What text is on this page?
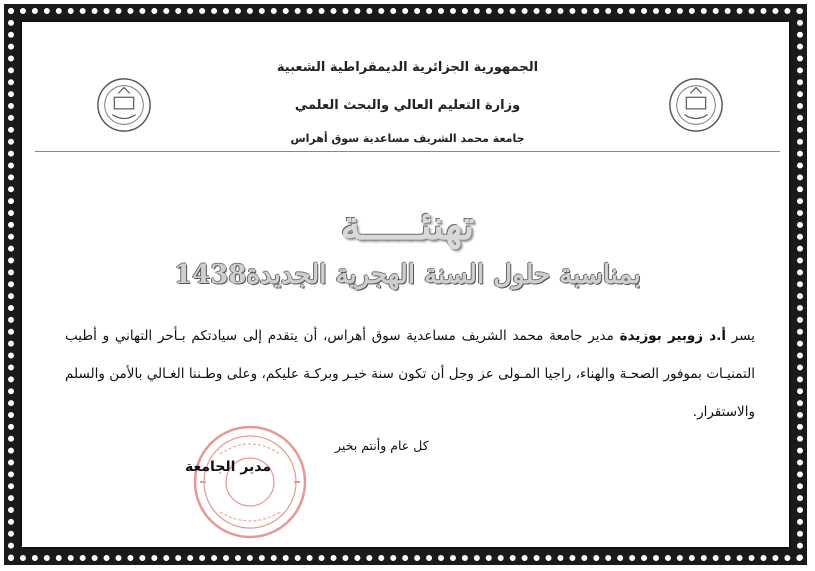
الجمهورية الجزائرية الديمقراطية الشعبية
وزارة التعليم العالي والبحث العلمي
جامعة محمد الشريف مساعدية سوق أهراس
تهنئـــــة
بمناسبة حلول السنة الهجرية الجديدة1438
يسر أ.د زوبير بوزيدة مدير جامعة محمد الشريف مساعدية سوق أهراس، أن يتقدم إلى سيادتكم بـأحر التهاني و أطيب التمنيـات بموفور الصحـة والهناء، راجيا المـولى عز وجل أن تكون سنة خيـر وبركـة عليكم، وعلى وطـننا الغـالي بالأمن والسلم والاستقرار.
كل عام وأنتم بخير
مدير الجامعة
